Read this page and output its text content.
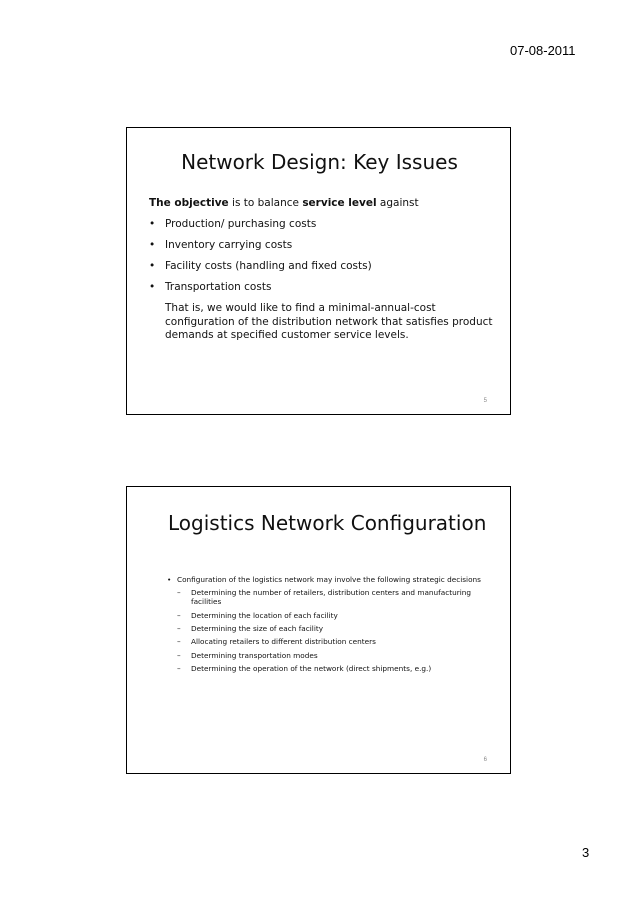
07-08-2011
Network Design: Key Issues

The objective is to balance service level against

• Production/ purchasing costs
• Inventory carrying costs
• Facility costs (handling and fixed costs)
• Transportation costs

That is, we would like to find a minimal-annual-cost configuration of the distribution network that satisfies product demands at specified customer service levels.

5
Logistics Network Configuration

• Configuration of the logistics network may involve the following strategic decisions

– Determining the number of retailers, distribution centers and manufacturing facilities
– Determining the location of each facility
– Determining the size of each facility
– Allocating retailers to different distribution centers
– Determining transportation modes
– Determining the operation of the network (direct shipments, e.g.)
6
3
